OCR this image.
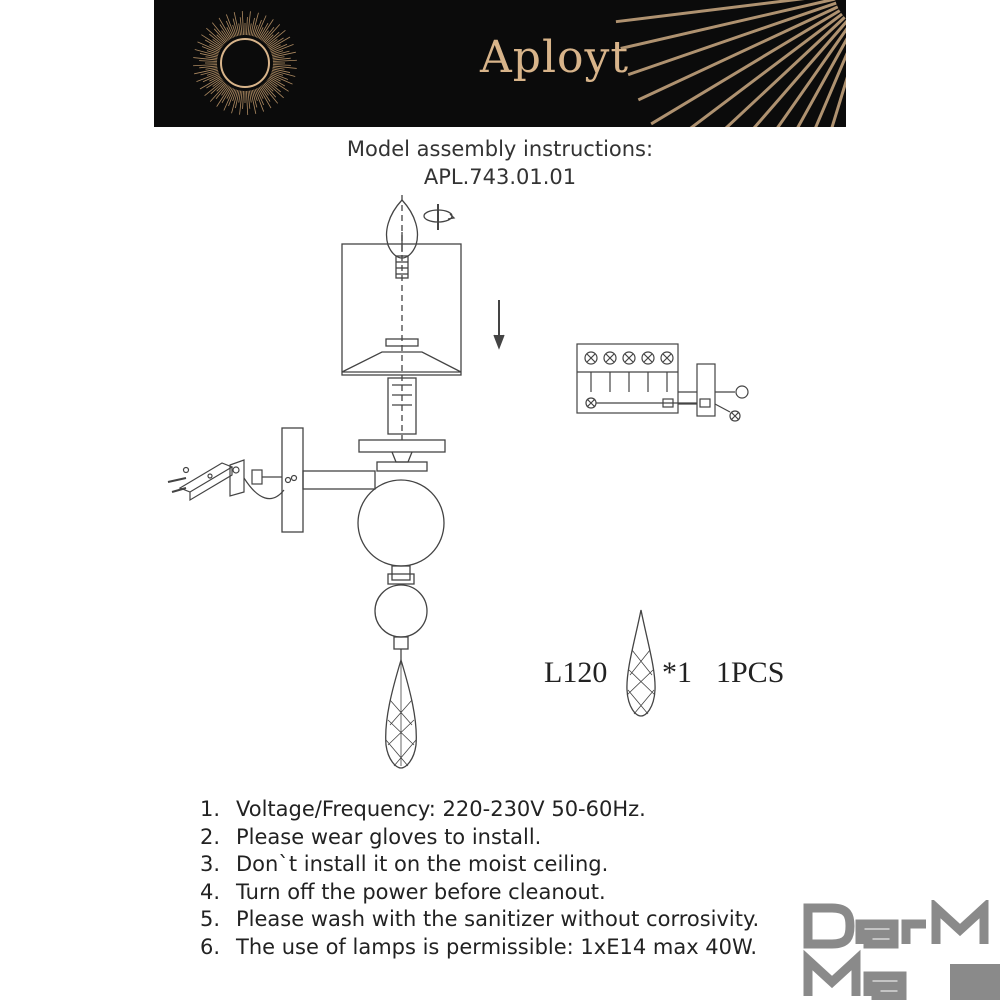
Aployt
Model assembly instructions:
APL.743.01.01
L120 *1 1PCS
1. Voltage/Frequency: 220-230V 50-60Hz.
2. Please wear gloves to install.
3. Don`t install it on the moist ceiling.
4. Turn off the power before cleanout.
5. Please wash with the sanitizer without corrosivity.
6. The use of lamps is permissible: 1xE14 max 40W.
